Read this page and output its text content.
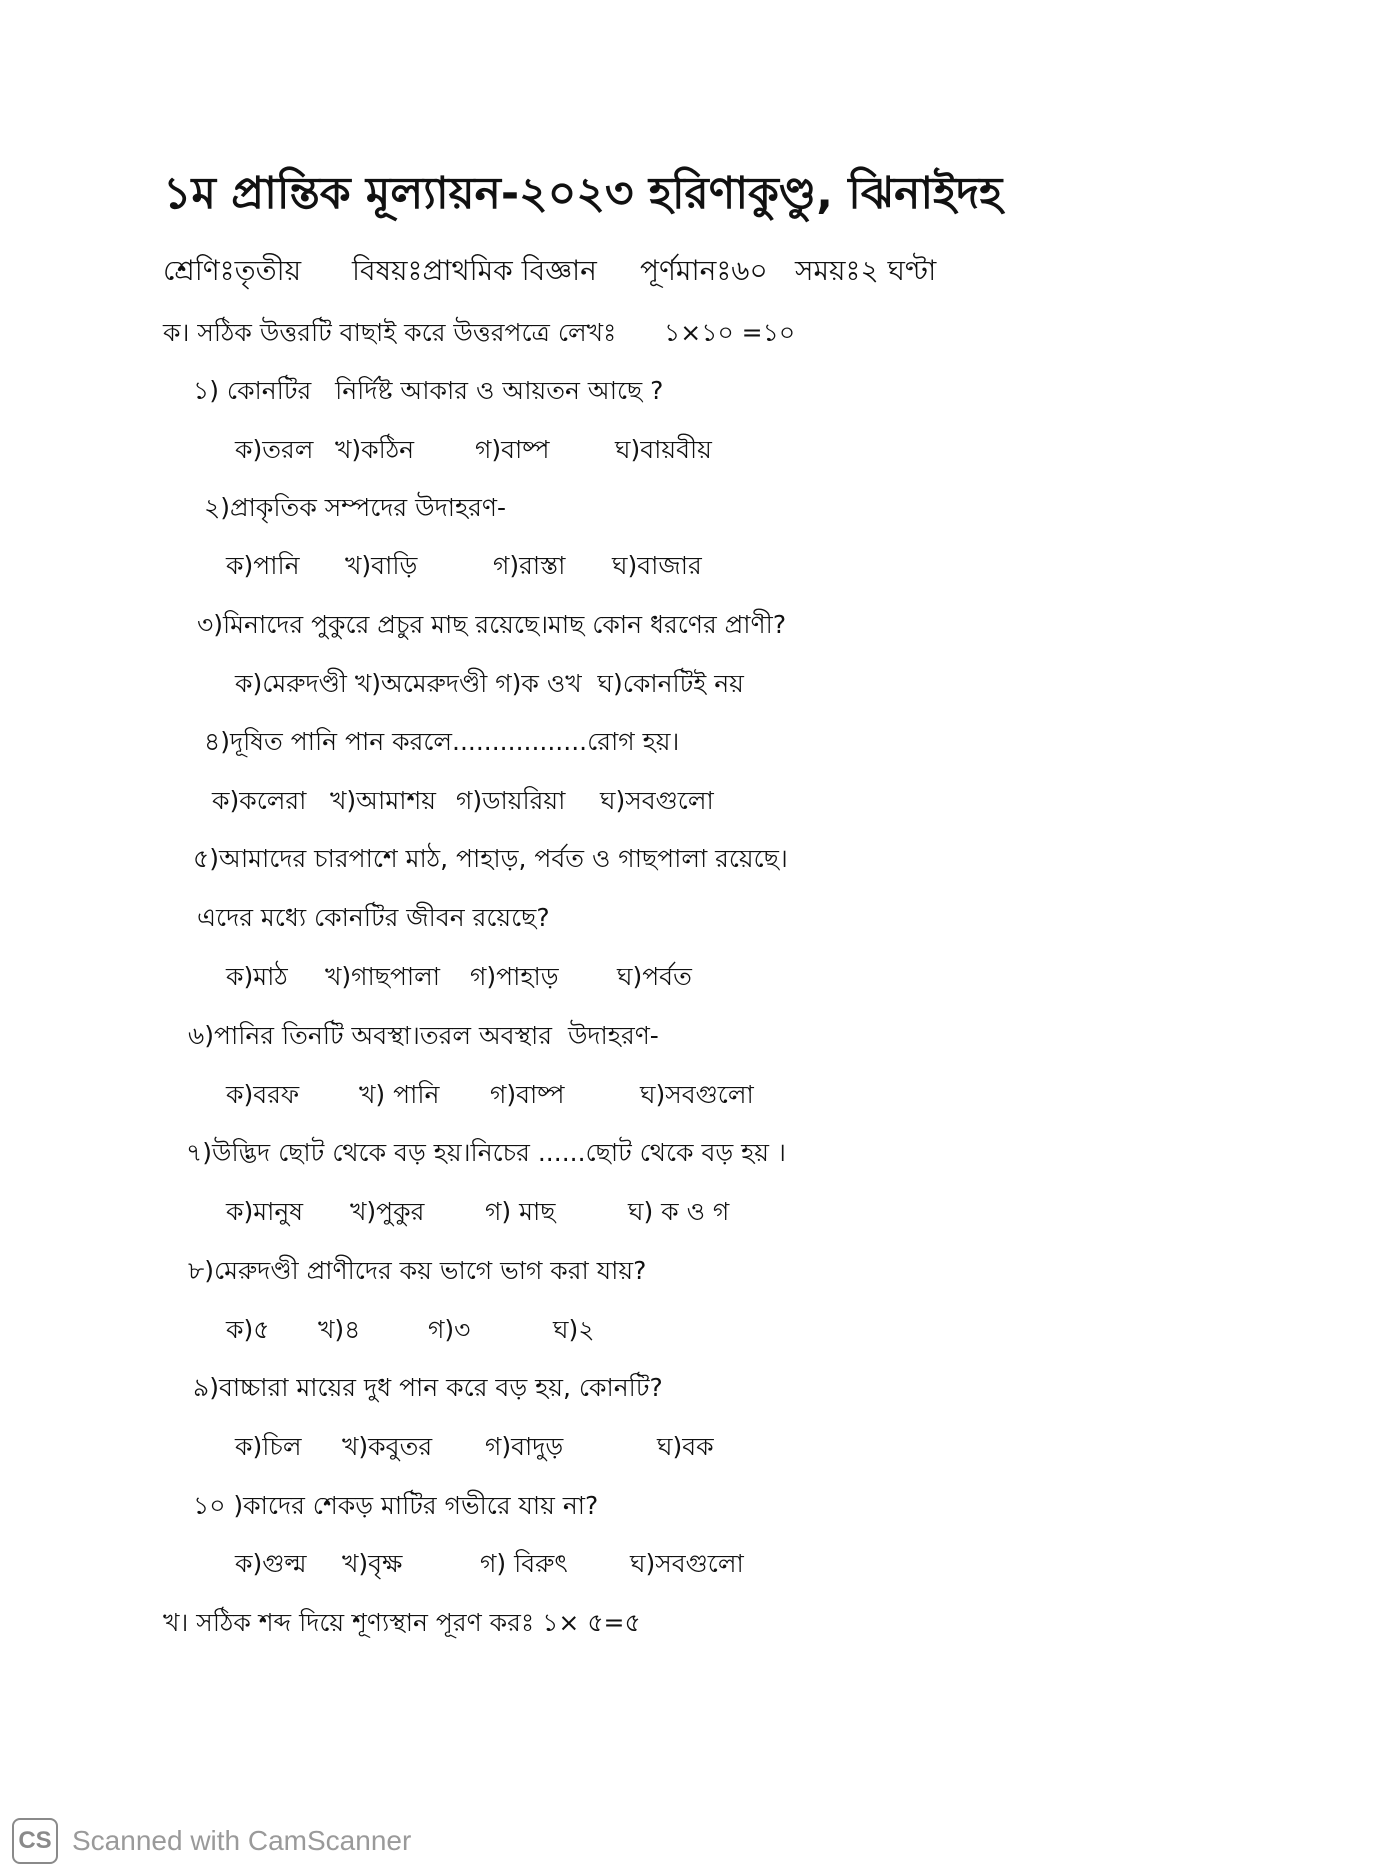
১ম প্রান্তিক মূল্যায়ন-২০২৩ হরিণাকুণ্ডু, ঝিনাইদহ
শ্রেণিঃতৃতীয় বিষয়ঃপ্রাথমিক বিজ্ঞান পূর্ণমানঃ৬০ সময়ঃ২ ঘণ্টা
ক। সঠিক উত্তরটি বাছাই করে উত্তরপত্রে লেখঃ      ১×১০ =১০
১) কোনটির   নির্দিষ্ট আকার ও আয়তন আছে ?
ক)তরল খ)কঠিন গ)বাষ্প	ঘ)বায়বীয়
২)প্রাকৃতিক সম্পদের উদাহরণ-
ক)পানি খ)বাড়ি	গ)রাস্তা ঘ)বাজার
৩)মিনাদের পুকুরে প্রচুর মাছ রয়েছে।মাছ কোন ধরণের প্রাণী?
ক)মেরুদণ্ডী খ)অমেরুদণ্ডী গ)ক ওখ  ঘ)কোনটিই নয়
৪)দূষিত পানি পান করলে.................রোগ হয়।
ক)কলেরা খ)আমাশয় গ)ডায়রিয়া ঘ)সবগুলো
৫)আমাদের চারপাশে মাঠ, পাহাড়, পর্বত ও গাছপালা রয়েছে।
এদের মধ্যে কোনটির জীবন রয়েছে?
ক)মাঠ খ)গাছপালা গ)পাহাড় ঘ)পর্বত
৬)পানির তিনটি অবস্থা।তরল অবস্থার  উদাহরণ-
ক)বরফ খ) পানি গ)বাষ্প	ঘ)সবগুলো
৭)উদ্ভিদ ছোট থেকে বড় হয়।নিচের ......ছোট থেকে বড় হয় ।
ক)মানুষ খ)পুকুর গ) মাছ	ঘ) ক ও গ
৮)মেরুদণ্ডী প্রাণীদের কয় ভাগে ভাগ করা যায়?
ক)৫ খ)৪	গ)৩	ঘ)২
৯)বাচ্চারা মায়ের দুধ পান করে বড় হয়, কোনটি?
ক)চিল খ)কবুতর গ)বাদুড়	ঘ)বক
১০ )কাদের শেকড় মাটির গভীরে যায় না?
ক)গুল্ম খ)বৃক্ষ	গ) বিরুৎ ঘ)সবগুলো
খ। সঠিক শব্দ দিয়ে শূণ্যস্থান পূরণ করঃ ১× ৫=৫
CS Scanned with CamScanner
